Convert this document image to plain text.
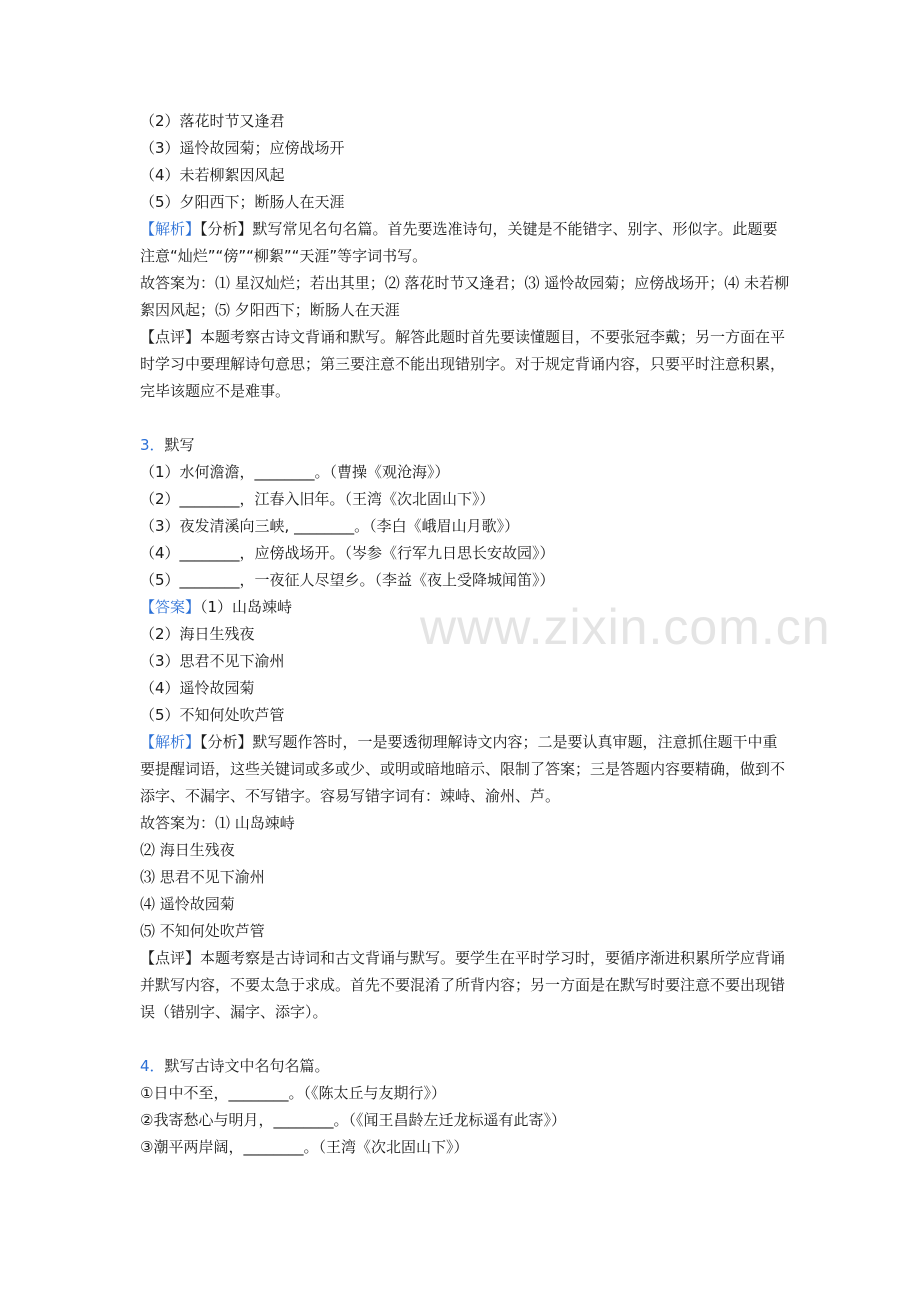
www.zixin.com.cn
（2）落花时节又逢君
（3）遥怜故园菊；应傍战场开
（4）未若柳絮因风起
（5）夕阳西下；断肠人在天涯
【解析】【分析】默写常见名句名篇。首先要选准诗句，关键是不能错字、别字、形似字。此题要注意“灿烂”“傍”“柳絮”“天涯”等字词书写。
故答案为：⑴ 星汉灿烂；若出其里；⑵ 落花时节又逢君；⑶ 遥怜故园菊；应傍战场开；⑷ 未若柳絮因风起；⑸ 夕阳西下；断肠人在天涯
【点评】本题考察古诗文背诵和默写。解答此题时首先要读懂题目，不要张冠李戴；另一方面在平时学习中要理解诗句意思；第三要注意不能出现错别字。对于规定背诵内容，只要平时注意积累，完毕该题应不是难事。
3．默写
（1）水何澹澹，________。（曹操《观沧海》）
（2）________，江春入旧年。（王湾《次北固山下》）
（3）夜发清溪向三峡, ________。（李白《峨眉山月歌》）
（4）________，应傍战场开。（岑参《行军九日思长安故园》）
（5）________，一夜征人尽望乡。（李益《夜上受降城闻笛》）
【答案】（1）山岛竦峙
（2）海日生残夜
（3）思君不见下渝州
（4）遥怜故园菊
（5）不知何处吹芦管
【解析】【分析】默写题作答时，一是要透彻理解诗文内容；二是要认真审题，注意抓住题干中重要提醒词语，这些关键词或多或少、或明或暗地暗示、限制了答案；三是答题内容要精确，做到不添字、不漏字、不写错字。容易写错字词有：竦峙、渝州、芦。
故答案为：⑴ 山岛竦峙
⑵ 海日生残夜
⑶ 思君不见下渝州
⑷ 遥怜故园菊
⑸ 不知何处吹芦管
【点评】本题考察是古诗词和古文背诵与默写。要学生在平时学习时，要循序渐进积累所学应背诵并默写内容，不要太急于求成。首先不要混淆了所背内容；另一方面是在默写时要注意不要出现错误（错别字、漏字、添字）。
4．默写古诗文中名句名篇。
①日中不至，________。（《陈太丘与友期行》）
②我寄愁心与明月，________。（《闻王昌龄左迁龙标遥有此寄》）
③潮平两岸阔，________。（王湾《次北固山下》）
